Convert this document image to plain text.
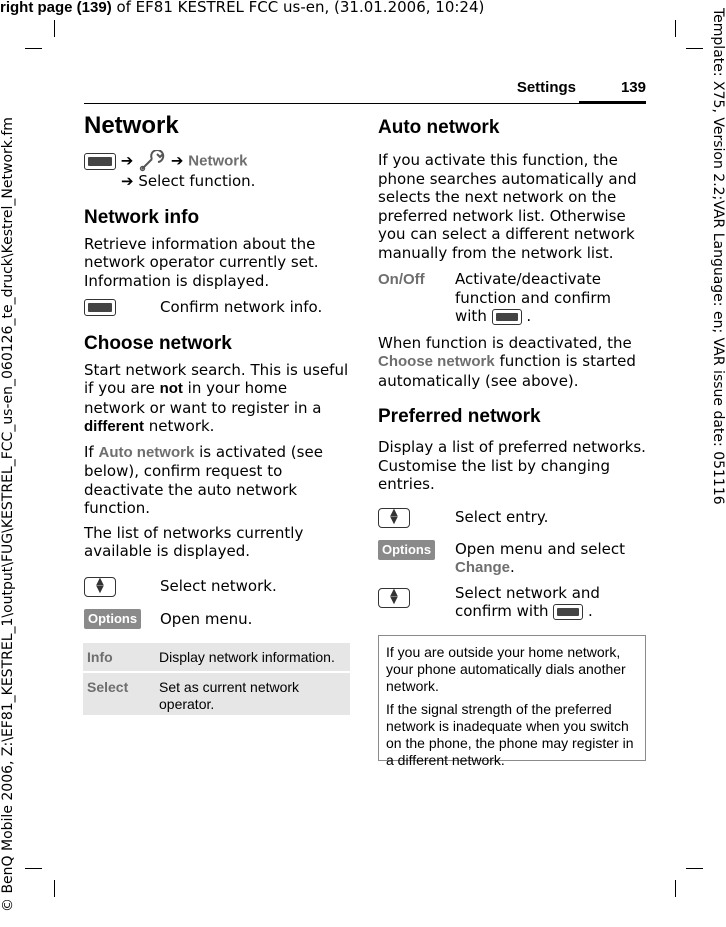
right page (139) of EF81 KESTREL FCC us-en, (31.01.2006, 10:24)
© BenQ Mobile 2006, Z:\EF81_KESTREL_1\output\FUG\KESTREL_FCC_us-en_060126_te_druck\Kestrel_Network.fm	Template: X75, Version 2.2;VAR Language: en; VAR issue date: 051116
Settings	139
Network
➔	➔ Network
➔ Select function.
Network info

Retrieve information about the network operator currently set. Information is displayed.

Confirm network info.
Choose network

Start network search. This is useful if you are not in your home network or want to register in a different network.

If Auto network is activated (see below), confirm request to deactivate the auto network function.

The list of networks currently available is displayed.

▲
▼	Select network.
Options	Open menu.
Info	Display network information.
Select	Set as current network operator.
Auto network

If you activate this function, the phone searches automatically and selects the next network on the preferred network list. Otherwise you can select a different network manually from the network list.

On/Off	Activate/deactivate function and confirm with  .

When function is deactivated, the Choose network function is started automatically (see above).

Preferred network

Display a list of preferred networks. Customise the list by changing entries.

▲
▼	Select entry.
Options	Open menu and select
Change.
▲
▼	Select network and confirm with  .

If you are outside your home network, your phone automatically dials another network.

If the signal strength of the preferred network is inadequate when you switch on the phone, the phone may register in a different network.
